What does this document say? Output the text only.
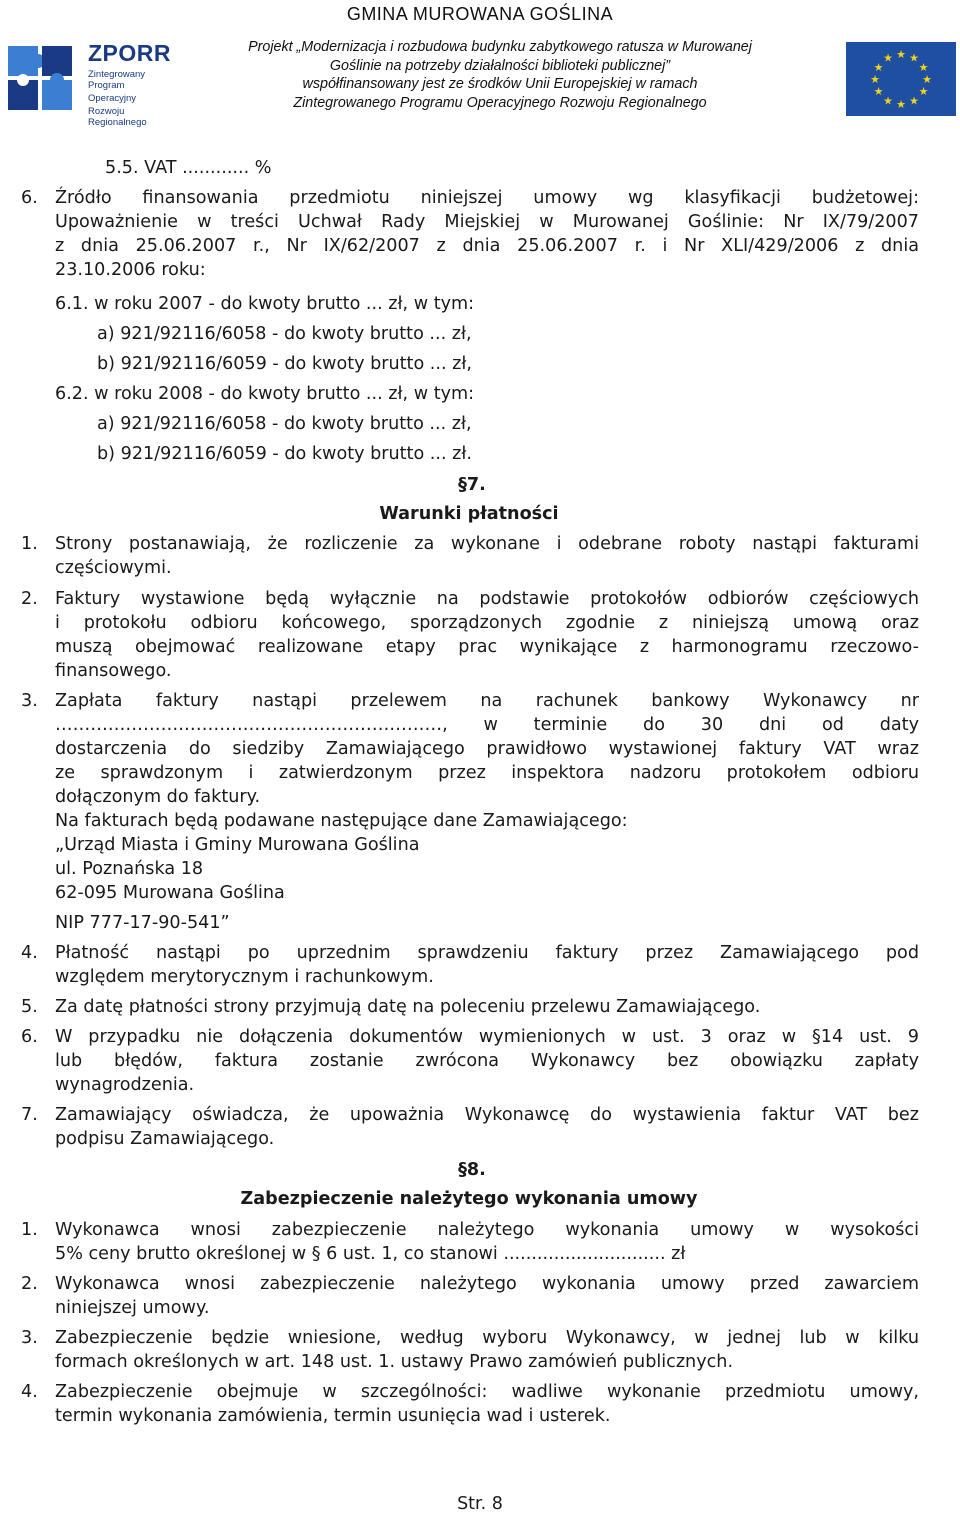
GMINA MUROWANA GOŚLINA
ZPORR
Zintegrowany Program
Operacyjny
Rozwoju Regionalnego
Projekt „Modernizacja i rozbudowa budynku zabytkowego ratusza w Murowanej
Goślinie na potrzeby działalności biblioteki publicznej”
współfinansowany jest ze środków Unii Europejskiej w ramach
Zintegrowanego Programu Operacyjnego Rozwoju Regionalnego
★ ★
★
★
★
★
★
★
★
★
★
★
5.5. VAT ............ %
6. Źródło finansowania przedmiotu niniejszej umowy wg klasyfikacji budżetowej:
Upoważnienie w treści Uchwał Rady Miejskiej w Murowanej Goślinie: Nr IX/79/2007
z dnia 25.06.2007 r., Nr IX/62/2007 z dnia 25.06.2007 r. i Nr XLI/429/2006 z dnia
23.10.2006 roku:
6.1. w roku 2007 - do kwoty brutto ... zł, w tym:
a) 921/92116/6058 - do kwoty brutto ... zł,
b) 921/92116/6059 - do kwoty brutto ... zł,
6.2. w roku 2008 - do kwoty brutto ... zł, w tym:
a) 921/92116/6058 - do kwoty brutto ... zł,
b) 921/92116/6059 - do kwoty brutto ... zł.
§7.
Warunki płatności
1. Strony postanawiają, że rozliczenie za wykonane i odebrane roboty nastąpi fakturami
częściowymi.
2. Faktury wystawione będą wyłącznie na podstawie protokołów odbiorów częściowych
i protokołu odbioru końcowego, sporządzonych zgodnie z niniejszą umową oraz
muszą obejmować realizowane etapy prac wynikające z harmonogramu rzeczowo-
finansowego.
3. Zapłata faktury nastąpi przelewem na rachunek bankowy Wykonawcy nr
…………………………………………………………, w terminie do 30 dni od daty
dostarczenia do siedziby Zamawiającego prawidłowo wystawionej faktury VAT wraz
ze sprawdzonym i zatwierdzonym przez inspektora nadzoru protokołem odbioru
dołączonym do faktury.
Na fakturach będą podawane następujące dane Zamawiającego:
„Urząd Miasta i Gminy Murowana Goślina
ul. Poznańska 18
62-095 Murowana Goślina
NIP 777-17-90-541”
4. Płatność nastąpi po uprzednim sprawdzeniu faktury przez Zamawiającego pod
względem merytorycznym i rachunkowym.
5. Za datę płatności strony przyjmują datę na poleceniu przelewu Zamawiającego.
6. W przypadku nie dołączenia dokumentów wymienionych w ust. 3 oraz w §14 ust. 9
lub błędów, faktura zostanie zwrócona Wykonawcy bez obowiązku zapłaty
wynagrodzenia.
7. Zamawiający oświadcza, że upoważnia Wykonawcę do wystawienia faktur VAT bez
podpisu Zamawiającego.
§8.
Zabezpieczenie należytego wykonania umowy
1. Wykonawca wnosi zabezpieczenie należytego wykonania umowy w wysokości
5% ceny brutto określonej w § 6 ust. 1, co stanowi ............................. zł
2. Wykonawca wnosi zabezpieczenie należytego wykonania umowy przed zawarciem
niniejszej umowy.
3. Zabezpieczenie będzie wniesione, według wyboru Wykonawcy, w jednej lub w kilku
formach określonych w art. 148 ust. 1. ustawy Prawo zamówień publicznych.
4. Zabezpieczenie obejmuje w szczególności: wadliwe wykonanie przedmiotu umowy,
termin wykonania zamówienia, termin usunięcia wad i usterek.
Str. 8
